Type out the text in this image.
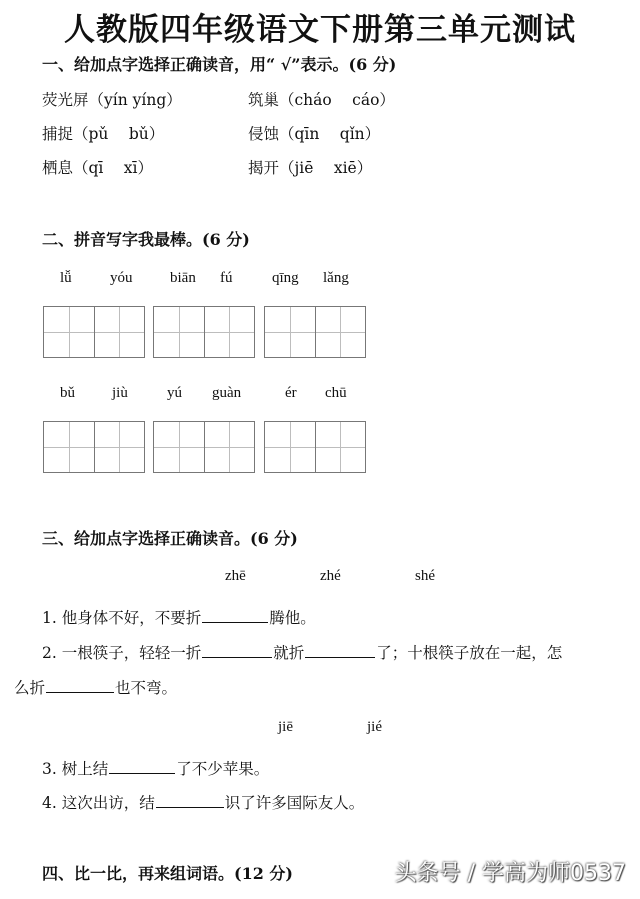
人教版四年级语文下册第三单元测试
一、给加点字选择正确读音，用“ √”表示。(6 分)
荧光屏（yín yíng）	筑巢（cháo　 cáo）
捕捉（pǔ　 bǔ）	侵蚀（qīn　 qǐn）
栖息（qī　 xī）	揭开（jiē　 xiē）
二、拼音写字我最棒。(6 分)
lǚ	yóu	biān fú	qīng lǎng
bǔ jiù	yú guàn	ér chū
三、给加点字选择正确读音。(6 分)
zhē	zhé	shé
1. 他身体不好，不要折	腾他。
2. 一根筷子，轻轻一折	就折	了；十根筷子放在一起，怎
么折	也不弯。
jiē	jié
3. 树上结	了不少苹果。
4. 这次出访，结	识了许多国际友人。
四、比一比，再来组词语。(12 分)	头条号 / 学高为师0537
